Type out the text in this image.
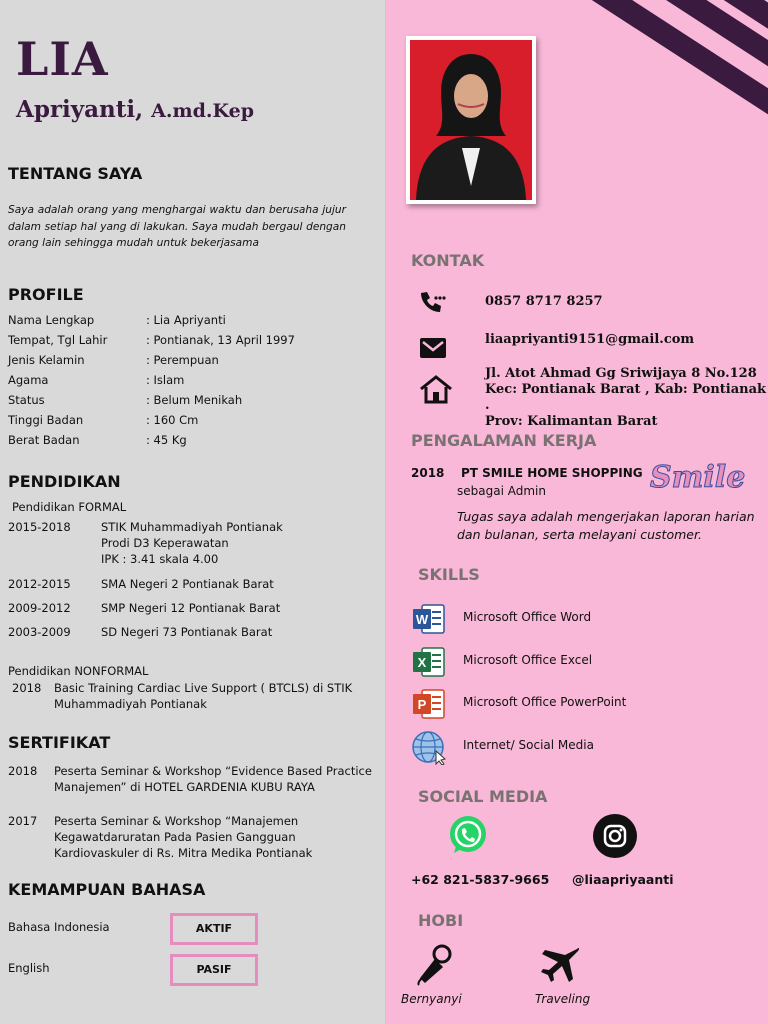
LIA
Apriyanti, A.md.Kep
TENTANG SAYA
Saya adalah orang yang menghargai waktu dan berusaha jujur dalam setiap hal yang di lakukan. Saya mudah bergaul dengan orang lain sehingga mudah untuk bekerjasama
PROFILE
Nama Lengkap	: Lia Apriyanti
Tempat, Tgl Lahir	: Pontianak, 13 April 1997
Jenis Kelamin	: Perempuan
Agama	: Islam
Status	: Belum Menikah
Tinggi Badan	: 160 Cm
Berat Badan	: 45 Kg
PENDIDIKAN
Pendidikan FORMAL
2015-2018	STIK Muhammadiyah Pontianak
Prodi D3 Keperawatan
IPK : 3.41 skala 4.00
2012-2015	SMA Negeri 2 Pontianak Barat
2009-2012	SMP Negeri 12 Pontianak Barat
2003-2009	SD Negeri 73 Pontianak Barat
Pendidikan NONFORMAL
2018 Basic Training Cardiac Live Support ( BTCLS) di STIK
Muhammadiyah Pontianak
SERTIFIKAT
2018 Peserta Seminar & Workshop “Evidence Based Practice
Manajemen” di HOTEL GARDENIA KUBU RAYA
2017 Peserta Seminar & Workshop “Manajemen
Kegawatdaruratan Pada Pasien Gangguan
Kardiovaskuler di Rs. Mitra Medika Pontianak
KEMAMPUAN BAHASA
Bahasa Indonesia	AKTIF
English	PASIF
KONTAK
0857 8717 8257
liaapriyanti9151@gmail.com
Jl. Atot Ahmad Gg Sriwijaya 8 No.128
Kec: Pontianak Barat , Kab: Pontianak .
Prov: Kalimantan Barat
PENGALAMAN KERJA
2018 PT SMILE HOME SHOPPING
sebagai Admin	Smile
Tugas saya adalah mengerjakan laporan harian
dan bulanan, serta melayani customer.
SKILLS
W	Microsoft Office Word
X	Microsoft Office Excel
P	Microsoft Office PowerPoint
Internet/ Social Media
SOCIAL MEDIA
+62 821-5837-9665 @liaapriyaanti
HOBI
Bernyanyi	Traveling
